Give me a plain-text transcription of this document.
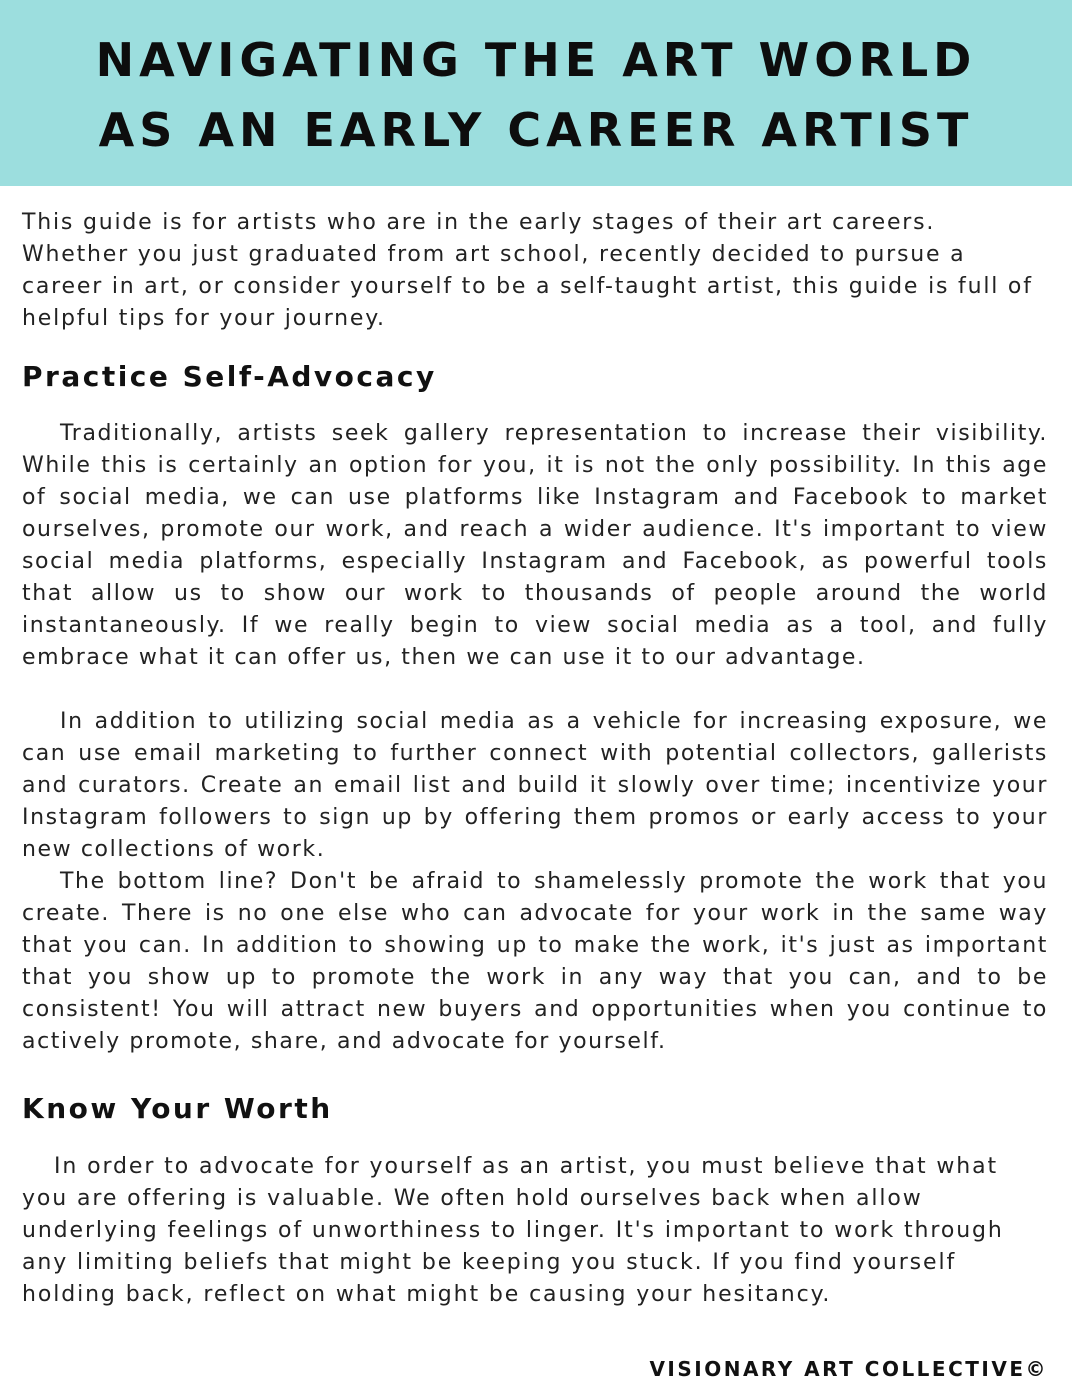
NAVIGATING THE ART WORLD
AS AN EARLY CAREER ARTIST

This guide is for artists who are in the early stages of their art careers. Whether you just graduated from art school, recently decided to pursue a career in art, or consider yourself to be a self-taught artist, this guide is full of helpful tips for your journey.

Practice Self-Advocacy

Traditionally, artists seek gallery representation to increase their visibility. While this is certainly an option for you, it is not the only possibility. In this age of social media, we can use platforms like Instagram and Facebook to market ourselves, promote our work, and reach a wider audience. It's important to view social media platforms, especially Instagram and Facebook, as powerful tools that allow us to show our work to thousands of people around the world instantaneously. If we really begin to view social media as a tool, and fully embrace what it can offer us, then we can use it to our advantage.

In addition to utilizing social media as a vehicle for increasing exposure, we can use email marketing to further connect with potential collectors, gallerists and curators. Create an email list and build it slowly over time; incentivize your Instagram followers to sign up by offering them promos or early access to your new collections of work.

The bottom line? Don't be afraid to shamelessly promote the work that you create. There is no one else who can advocate for your work in the same way that you can. In addition to showing up to make the work, it's just as important that you show up to promote the work in any way that you can, and to be consistent! You will attract new buyers and opportunities when you continue to actively promote, share, and advocate for yourself.

Know Your Worth

In order to advocate for yourself as an artist, you must believe that what you are offering is valuable. We often hold ourselves back when allow underlying feelings of unworthiness to linger. It's important to work through any limiting beliefs that might be keeping you stuck. If you find yourself holding back, reflect on what might be causing your hesitancy.

VISIONARY ART COLLECTIVE©
